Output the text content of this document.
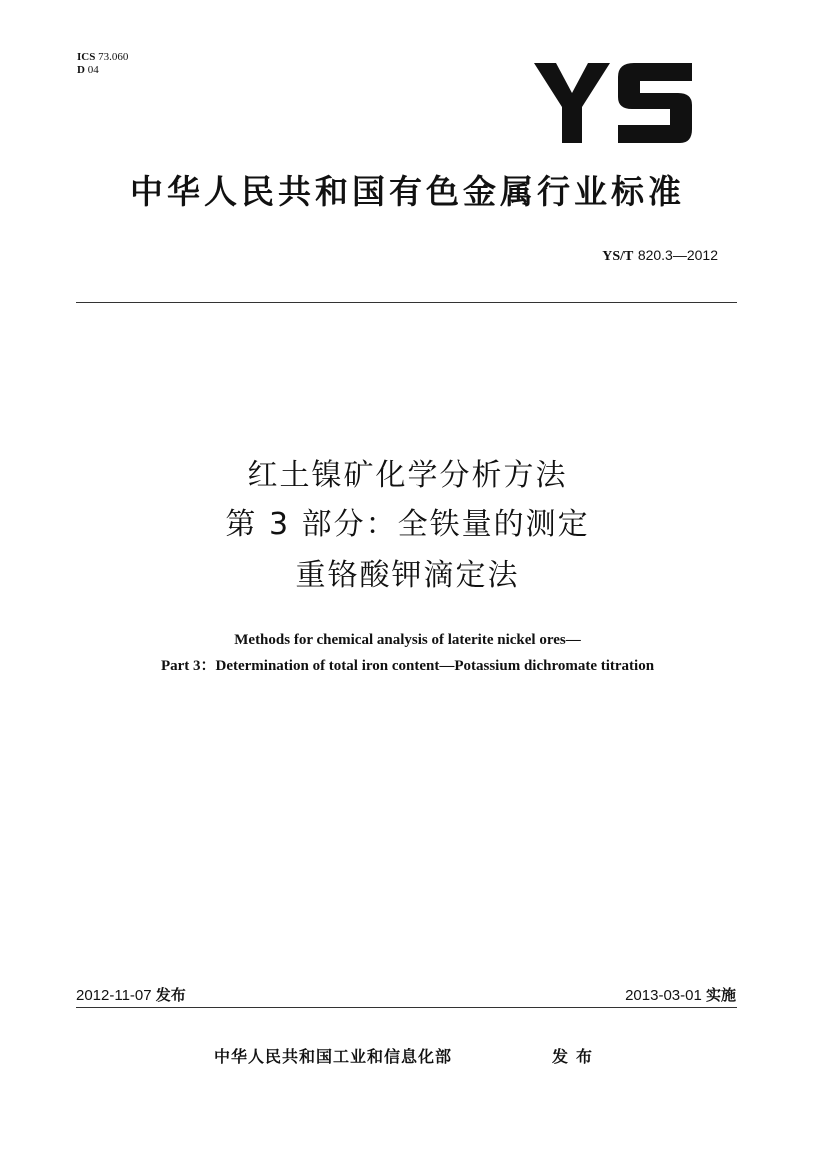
ICS 73.060
D 04
中华人民共和国有色金属行业标准
YS/T 820.3—2012
红土镍矿化学分析方法
第 3 部分：全铁量的测定
重铬酸钾滴定法
Methods for chemical analysis of laterite nickel ores—
Part 3：Determination of total iron content—Potassium dichromate titration
2012-11-07 发布	2013-03-01 实施
中华人民共和国工业和信息化部	发布
